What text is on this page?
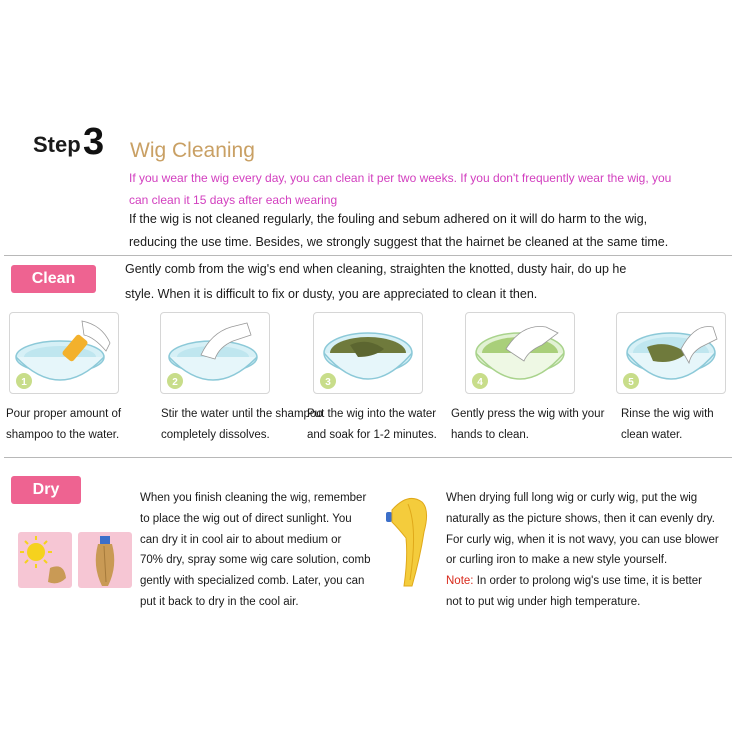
Step 3 Wig Cleaning
If you wear the wig every day, you can clean it per two weeks. If you don't frequently wear the wig, you
can clean it 15 days after each wearing
If the wig is not cleaned regularly, the fouling and sebum adhered on it will do harm to the wig,
reducing the use time. Besides, we strongly suggest that the hairnet be cleaned at the same time.
Clean
Gently comb from the wig's end when cleaning, straighten the knotted, dusty hair, do up he
style. When it is difficult to fix or dusty, you are appreciated to clean it then.
1	2	3	4	5
Pour proper amount of
shampoo to the water.
Stir the water until the shampoo
completely dissolves.
Put the wig into the water
and soak for 1-2 minutes.
Gently press the wig with your
hands to clean.
Rinse the wig with
clean water.
Dry	When you finish cleaning the wig, remember
to place the wig out of direct sunlight. You
can dry it in cool air to about medium or
70% dry, spray some wig care solution, comb
gently with specialized comb. Later, you can
put it back to dry in the cool air.
When drying full long wig or curly wig, put the wig
naturally as the picture shows, then it can evenly dry.
For curly wig, when it is not wavy, you can use blower
or curling iron to make a new style yourself.
Note: In order to prolong wig's use time, it is better
not to put wig under high temperature.
